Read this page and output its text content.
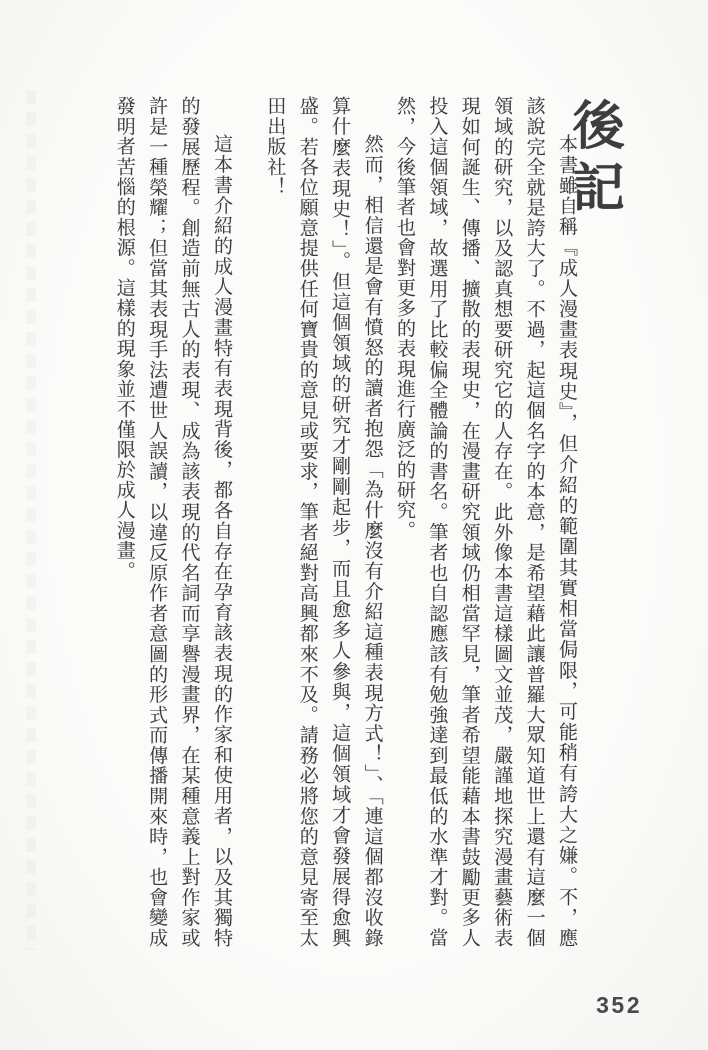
後記

本書雖自稱『成人漫畫表現史』，但介紹的範圍其實相當侷限，可能稍有誇大之嫌。不，應該說完全就是誇大了。不過，起這個名字的本意，是希望藉此讓普羅大眾知道世上還有這麼一個領域的研究，以及認真想要研究它的人存在。此外像本書這樣圖文並茂，嚴謹地探究漫畫藝術表現如何誕生、傳播、擴散的表現史，在漫畫研究領域仍相當罕見，筆者希望能藉本書鼓勵更多人投入這個領域，故選用了比較偏全體論的書名。筆者也自認應該有勉強達到最低的水準才對。當然，今後筆者也會對更多的表現進行廣泛的研究。

然而，相信還是會有憤怒的讀者抱怨「為什麼沒有介紹這種表現方式！」、「連這個都沒收錄算什麼表現史！」。但這個領域的研究才剛剛起步，而且愈多人參與，這個領域才會發展得愈興盛。若各位願意提供任何寶貴的意見或要求，筆者絕對高興都來不及。請務必將您的意見寄至太田出版社！

這本書介紹的成人漫畫特有表現背後，都各自存在孕育該表現的作家和使用者，以及其獨特的發展歷程。創造前無古人的表現、成為該表現的代名詞而享譽漫畫界，在某種意義上對作家或許是一種榮耀；但當其表現手法遭世人誤讀，以違反原作者意圖的形式而傳播開來時，也會變成發明者苦惱的根源。這樣的現象並不僅限於成人漫畫。

352
